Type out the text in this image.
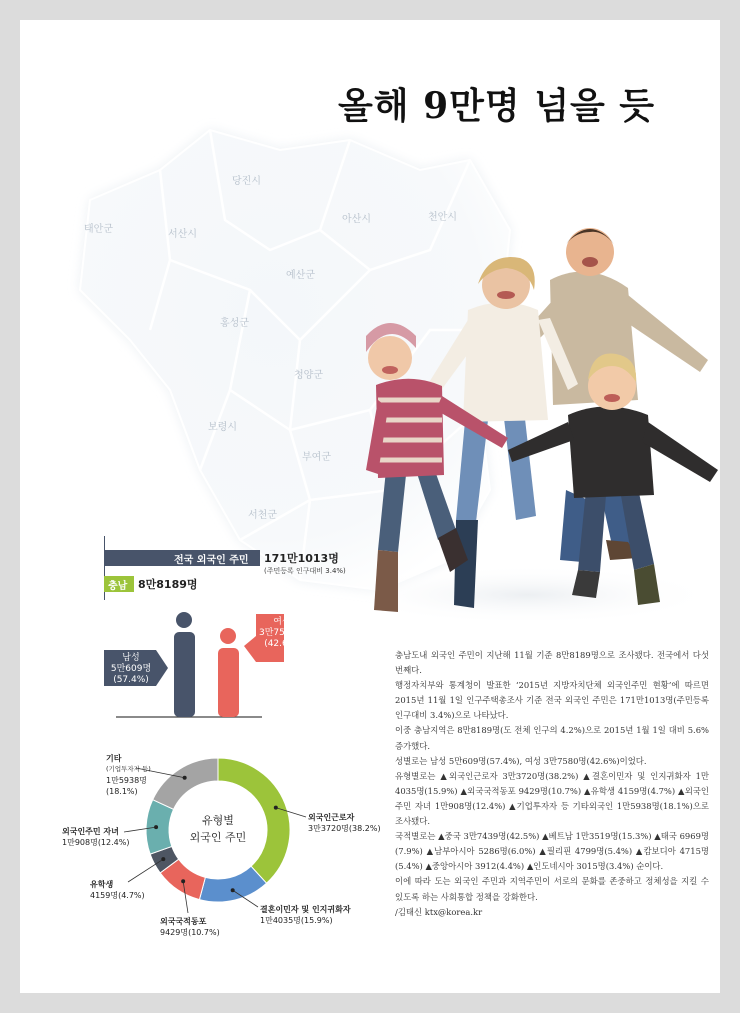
태안군	서산시
당진시
아산시	천안시
예산군
홍성군
청양군
보령시
부여군
서천군
올해 9만명 넘을 듯
전국 외국인 주민 171만1013명
(주민등록 인구대비 3.4%)
충남 8만8189명
남성
5만609명
(57.4%)
여성
3만7580명
(42.6%)
유형별
외국인 주민
기타
(기업투자자 등)
1만5938명
(18.1%)
외국인주민 자녀
1만908명(12.4%)
유학생
4159명(4.7%)
외국국적동포
9429명(10.7%)
결혼이민자 및 인지귀화자
1만4035명(15.9%)
외국인근로자
3만3720명(38.2%)

충남도내 외국인 주민이 지난해 11월 기준 8만8189명으로 조사됐다. 전국에서 다섯 번째다.

행정자치부와 통계청이 발표한 ‘2015년 지방자치단체 외국인주민 현황’에 따르면 2015년 11월 1일 인구주택총조사 기준 전국 외국인 주민은 171만1013명(주민등록 인구대비 3.4%)으로 나타났다.

이중 충남지역은 8만8189명(도 전체 인구의 4.2%)으로 2015년 1월 1일 대비 5.6% 증가했다.

성별로는 남성 5만609명(57.4%), 여성 3만7580명(42.6%)이었다.

유형별로는 ▲외국인근로자 3만3720명(38.2%) ▲결혼이민자 및 인지귀화자 1만4035명(15.9%) ▲외국국적동포 9429명(10.7%) ▲유학생 4159명(4.7%) ▲외국인주민 자녀 1만908명(12.4%) ▲기업투자자 등 기타외국인 1만5938명(18.1%)으로 조사됐다.

국적별로는 ▲중국 3만7439명(42.5%) ▲베트남 1만3519명(15.3%) ▲태국 6969명(7.9%) ▲남부아시아 5286명(6.0%) ▲필리핀 4799명(5.4%) ▲캄보디아 4715명(5.4%) ▲중앙아시아 3912(4.4%) ▲인도네시아 3015명(3.4%) 순이다.

이에 따라 도는 외국인 주민과 지역주민이 서로의 문화를 존중하고 정체성을 지킬 수 있도록 하는 사회통합 정책을 강화한다.

/김태신 ktx@korea.kr
